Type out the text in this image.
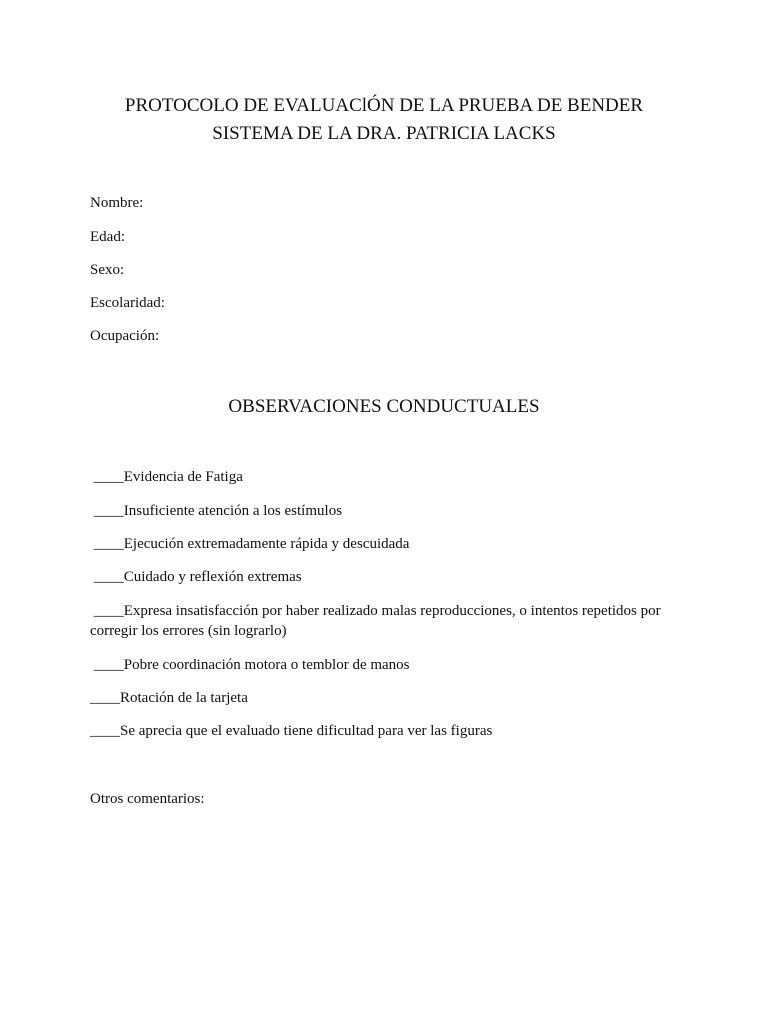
PROTOCOLO DE EVALUAClÓN DE LA PRUEBA DE BENDER
SISTEMA DE LA DRA. PATRICIA LACKS
Nombre:
Edad:
Sexo:
Escolaridad:
Ocupación:
OBSERVACIONES CONDUCTUALES
____Evidencia de Fatiga
____Insuficiente atención a los estímulos
____Ejecución extremadamente rápida y descuidada
____Cuidado y reflexión extremas
____Expresa insatisfacción por haber realizado malas reproducciones, o intentos repetidos por corregir los errores (sin lograrlo)
____Pobre coordinación motora o temblor de manos
____Rotación de la tarjeta
____Se aprecia que el evaluado tiene dificultad para ver las figuras
Otros comentarios:
